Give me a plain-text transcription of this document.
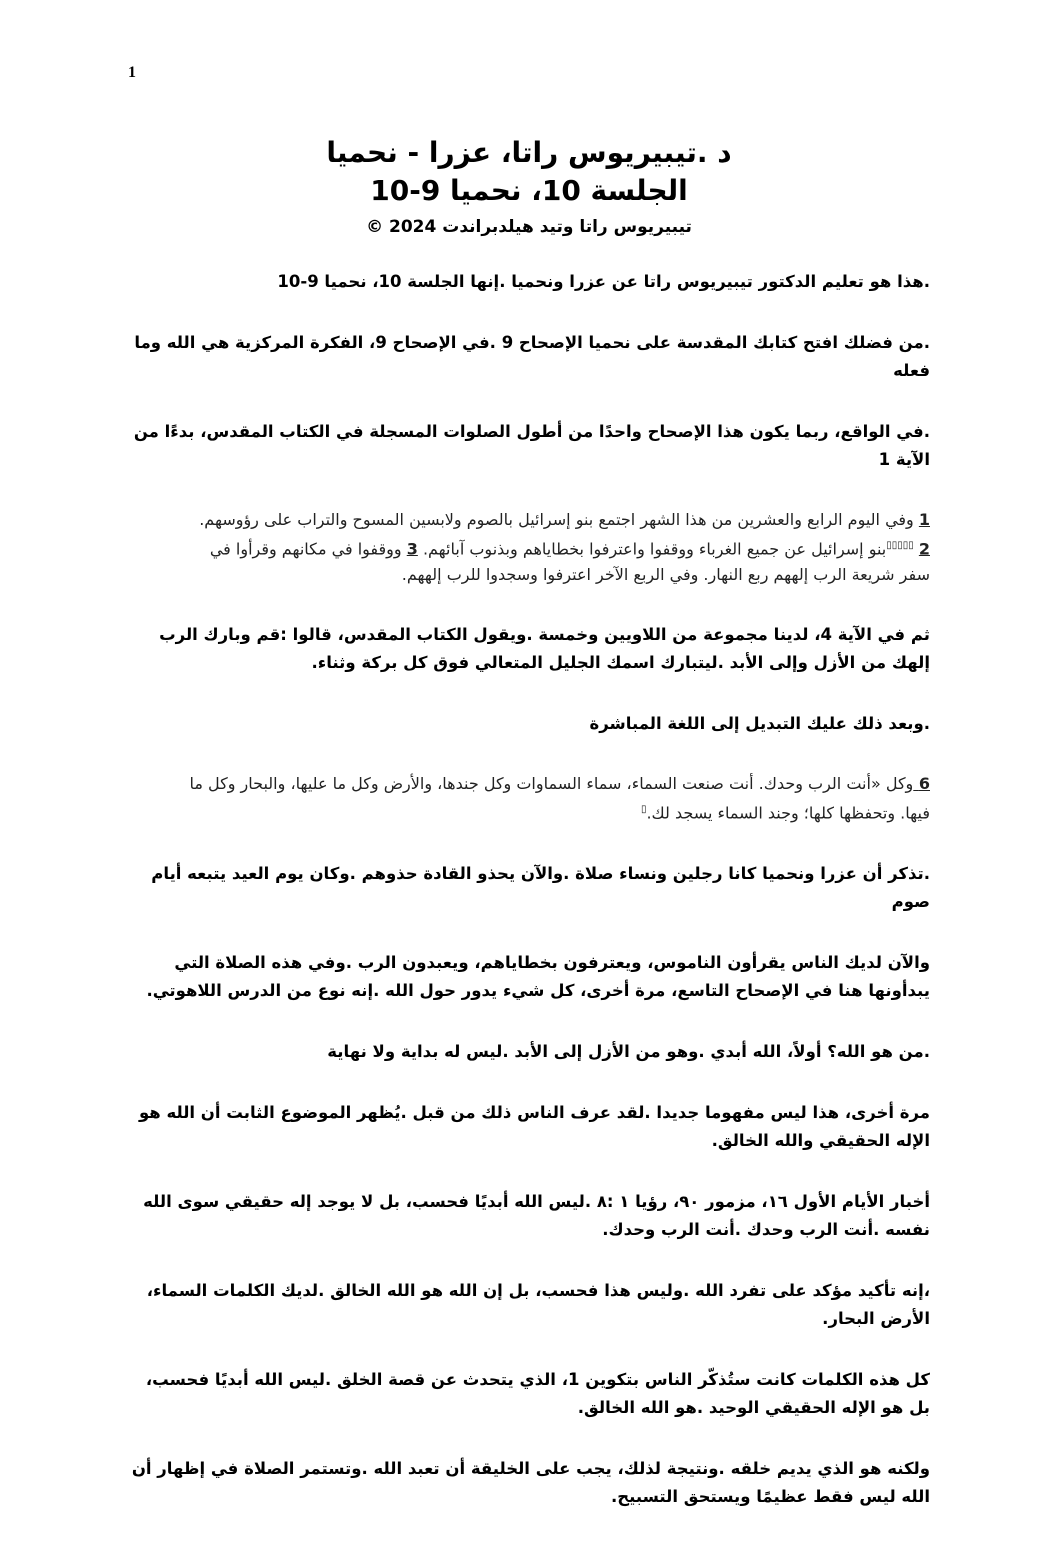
1

د .تيبيريوس راتا، عزرا - نحميا

الجلسة 10، نحميا 9-10

تيبيريوس راتا وتيد هيلدبراندت 2024 ©

.هذا هو تعليم الدكتور تيبيريوس راتا عن عزرا ونحميا .إنها الجلسة 10، نحميا 9-10

.من فضلك افتح كتابك المقدسة على نحميا الإصحاح 9 .في الإصحاح 9، الفكرة المركزية هي الله وما فعله

.في الواقع، ربما يكون هذا الإصحاح واحدًا من أطول الصلوات المسجلة في الكتاب المقدس، بدءًا من الآية 1

1 وفي اليوم الرابع والعشرين من هذا الشهر اجتمع بنو إسرائيل بالصوم ولابسين المسوح والتراب على رؤوسهم. 2 ▯▯▯▯▯بنو إسرائيل عن جميع الغرباء ووقفوا واعترفوا بخطاياهم وبذنوب آبائهم. 3 ووقفوا في مكانهم وقرأوا في سفر شريعة الرب إلههم ربع النهار. وفي الربع الآخر اعترفوا وسجدوا للرب إلههم.

ثم في الآية 4، لدينا مجموعة من اللاويين وخمسة .ويقول الكتاب المقدس، قالوا :قم وبارك الرب إلهك من الأزل وإلى الأبد .ليتبارك اسمك الجليل المتعالي فوق كل بركة وثناء.

.وبعد ذلك عليك التبديل إلى اللغة المباشرة

6 وكل «أنت الرب وحدك. أنت صنعت السماء، سماء السماوات وكل جندها، والأرض وكل ما عليها، والبحار وكل ما فيها. وتحفظها كلها؛ وجند السماء يسجد لك.▯

.تذكر أن عزرا ونحميا كانا رجلين ونساء صلاة .والآن يحذو القادة حذوهم .وكان يوم العيد يتبعه أيام صوم

والآن لديك الناس يقرأون الناموس، ويعترفون بخطاياهم، ويعبدون الرب .وفي هذه الصلاة التي يبدأونها هنا في الإصحاح التاسع، مرة أخرى، كل شيء يدور حول الله .إنه نوع من الدرس اللاهوتي.

.من هو الله؟ أولاً، الله أبدي .وهو من الأزل إلى الأبد .ليس له بداية ولا نهاية

مرة أخرى، هذا ليس مفهوما جديدا .لقد عرف الناس ذلك من قبل .يُظهر الموضوع الثابت أن الله هو الإله الحقيقي والله الخالق.

أخبار الأيام الأول ١٦، مزمور ٩٠، رؤيا ١ :٨ .ليس الله أبديًا فحسب، بل لا يوجد إله حقيقي سوى الله نفسه .أنت الرب وحدك .أنت الرب وحدك.

،إنه تأكيد مؤكد على تفرد الله .وليس هذا فحسب، بل إن الله هو الله الخالق .لديك الكلمات السماء، الأرض البحار.

كل هذه الكلمات كانت ستُذكّر الناس بتكوين 1، الذي يتحدث عن قصة الخلق .ليس الله أبديًا فحسب، بل هو الإله الحقيقي الوحيد .هو الله الخالق.

ولكنه هو الذي يديم خلقه .ونتيجة لذلك، يجب على الخليقة أن تعبد الله .وتستمر الصلاة في إظهار أن الله ليس فقط عظيمًا ويستحق التسبيح.
